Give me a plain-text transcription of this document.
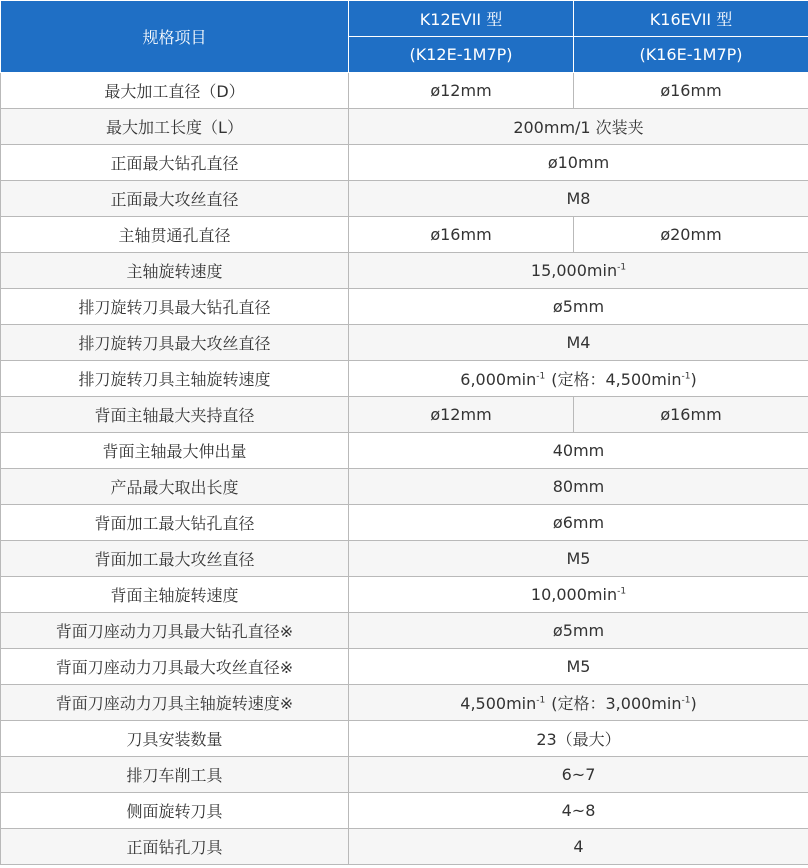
规格项目	K12EVII 型	K16EVII 型
	(K12E-1M7P)	(K16E-1M7P)
最大加工直径（D）	ø12mm	ø16mm
最大加工长度（L）	200mm/1 次装夹	
正面最大钻孔直径	ø10mm	
正面最大攻丝直径	M8	
主轴贯通孔直径	ø16mm	ø20mm
主轴旋转速度	$15,000\min^{-1}$
排刀旋转刀具最大钻孔直径	ø5mm	
排刀旋转刀具最大攻丝直径	M4	
排刀旋转刀具主轴旋转速度	$6,000\min^{-1}$ (定格：$4,500\min^{-1}$)	
背面主轴最大夹持直径	ø12mm	ø16mm
背面主轴最大伸出量	40mm	
产品最大取出长度	80mm	
背面加工最大钻孔直径	ø6mm	
背面加工最大攻丝直径	M5	
背面主轴旋转速度	$10,000\min^{-1}$
背面刀座动力刀具最大钻孔直径※	ø5mm	
背面刀座动力刀具最大攻丝直径※	M5	
背面刀座动力刀具主轴旋转速度※	$4,500\min^{-1}$ (定格：$3,000\min^{-1}$)	
刀具安装数量	23（最大）	
排刀车削工具	6~7	
侧面旋转刀具	4~8	
正面钻孔刀具	4	
